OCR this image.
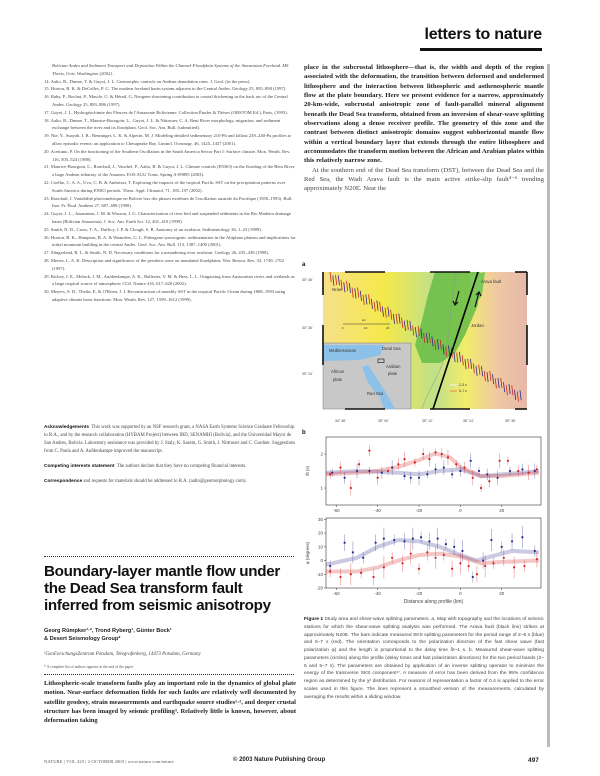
letters to nature
Bolivian Andes and Sediment Transport and Deposition Within the Channel-Floodplain Systems of the Amazonian Foreland. MS Thesis, Univ. Washington (2002).
14. Aalto, R., Dunne, T. & Guyot, J. L. Geomorphic controls on Andean denudation rates. J. Geol. (in the press).
15. Horton, B. K. & DeCelles, P. G. The modern foreland basin system adjacent to the Central Andes. Geology 25, 895–898 (1997).
16. Baby, P., Rochat, P., Mascle, G. & Hérail, G. Neogene shortening contribution to crustal thickening in the back arc of the Central Andes. Geology 25, 883–886 (1997).
17. Guyot, J. L. Hydrogéochimie des Fleuves de l'Amazonie Bolivienne. Collection Études & Thèses (ORSTOM Ed.), Paris, (1993).
18. Aalto, R., Dunne, T., Maurice-Bourgoin, L., Guyot, J. L. & Nittrouer, C. A. Beni River morphology, migration, and sediment exchange between the river and its floodplain. Geol. Soc. Am. Bull. (submitted).
19. Nie, Y., Suayah, I. B., Benninger, L. K. & Alperin, M. J. Modeling detailed sedimentary 210-Pb and fallout 239–240-Pu profiles to allow episodic events: an application to Chesapeake Bay. Limnol. Oceanogr. 46, 1425–1437 (2001).
20. Aceituno, P. On the functioning of the Southern Oscillation in the South America Sector Part I: Surface climate. Mon. Weath. Rev. 116, 505–524 (1988).
21. Maurice-Bourgoin, L., Ronchail, J., Vauchel, P., Aalto, R. & Guyot, J. L. Climate controls (ENSO) on the flooding of the Beni River, a large Andean tributary of the Amazon. EOS AGU Trans. Spring A-09895 (2003).
22. Coelho, C. A. S., Uvo, C. B. & Ambrizzi, T. Exploring the impacts of the tropical Pacific SST on the precipitation patterns over South America during ENSO periods. Theor. Appl. Climatol. 71, 185–197 (2002).
23. Ronchail, J. Variabilité pluviométrique en Bolivie lors des phases extrêmes de l'oscillation australe du Pacifique (1950–1993). Bull. Inst. Fr. Étud. Andines 27, 687–698 (1998).
24. Guyot, J. L., Jouanneau, J. M. & Wasson, J. G. Characterisation of river bed and suspended sediments in the Rio Madeira drainage basin (Bolivian Amazonia). J. Soc. Am. Earth Sci. 12, 401–410 (1999).
25. Smith, N. D., Cross, T. A., Dufficy, J. P. & Clough, S. R. Anatomy of an avulsion. Sedimentology 36, 1–23 (1989).
26. Horton, B. K., Hampton, B. A. & Waanders, G. L. Paleogene synorogenic sedimentation in the Altiplano plateau and implications for initial mountain building in the central Andes. Geol. Soc. Am. Bull. 113, 1387–1400 (2001).
27. Slingerland, R. L. & Smith, N. D. Necessary conditions for a meandering river avulsion. Geology 26, 435–438 (1998).
28. Mertes, L. A. K. Description and significance of the perirheic zone on inundated floodplains. Wat. Resour. Res. 33, 1749–1762 (1997).
29. Richey, J. E., Melack, J. M., Aufdenkampe, A. K., Ballester, V. M. & Hess, L. L. Outgassing from Amazonian rivers and wetlands as a large tropical source of atmospheric CO2. Nature 416, 617–620 (2002).
30. Meyers, S. D., Thelin, E. & O'Brien, J. J. Reconstruction of monthly SST in the tropical Pacific Ocean during 1868–1993 using adaptive climate basis functions. Mon. Weath. Rev. 127, 1599–1612 (1999).

Acknowledgements This work was supported by an NSF research grant, a NASA Earth Systems Science Graduate Fellowship to R.A., and by the research collaboration (HYBAM Project) between IRD, SENAMHI (Bolivia), and the Universidad Mayor de San Andres, Bolivia. Laboratory assistance was provided by J. Staly, K. Sasem, G. Smith, J. Nittrouer and C. Gardner. Suggestions from C. Paola and A. Aufdenkampe improved the manuscript.

Competing interests statement The authors declare that they have no competing financial interests.

Correspondence and requests for materials should be addressed to R.A. (aalto@geomorphology.com).

Boundary-layer mantle flow under the Dead Sea transform fault inferred from seismic anisotropy
Georg Rümpker¹·², Trond Ryberg¹, Günter Bock¹
& Desert Seismology Group*
¹GeoForschungsZentrum Potsdam, Telegrafenberg, 14473 Potsdam, Germany
* A complete list of authors appears at the end of the paper
Lithospheric-scale transform faults play an important role in the dynamics of global plate motion. Near-surface deformation fields for such faults are relatively well documented by satellite geodesy, strain measurements and earthquake source studies¹·², and deeper crustal structure has been imaged by seismic profiling³. Relatively little is known, however, about deformation taking
place in the subcrustal lithosphere—that is, the width and depth of the region associated with the deformation, the transition between deformed and undeformed lithosphere and the interaction between lithospheric and asthenospheric mantle flow at the plate boundary. Here we present evidence for a narrow, approximately 20-km-wide, subcrustal anisotropic zone of fault-parallel mineral alignment beneath the Dead Sea transform, obtained from an inversion of shear-wave splitting observations along a dense receiver profile. The geometry of this zone and the contrast between distinct anisotropic domains suggest subhorizontal mantle flow within a vertical boundary layer that extends through the entire lithosphere and accommodates the transform motion between the African and Arabian plates within this relatively narrow zone.
At the southern end of the Dead Sea transform (DST), between the Dead Sea and the Red Sea, the Wadi Arava fault is the main active strike-slip fault⁴⁻⁶ trending approximately N20E. Near the
a
Israel
Arava fault
Jordan
Mediterranean	Dead Sea
Arabian
plate
African
plate
Red Sea
km
0	10	20
2–5 s
5–7 s
30° 48'
30° 36'
30° 24'
34° 48'	35° 00'	35° 12'	35° 24'	35° 36'
b
-60	-40	-20	0	20
1
2
δt (s)
-60	-40	-20	0	20
-20
-10
0
10
20
30
φ (degrees)
Distance along profile (km)
Figure 1 Study area and shear-wave splitting parameters. a, Map with topography and the locations of seismic stations for which the shear-wave splitting analysis was performed. The Arava fault (black line) strikes at approximately N20E. The bars indicate measured SKS splitting parameters for the period range of 2–5 s (blue) and 5–7 s (red). The orientation corresponds to the polarization direction of the fast shear wave (fast polarization φ) and the length is proportional to the delay time δt~1 s. b, Measured shear-wave splitting parameters (circles) along the profile (delay times and fast polarization directions) for the two period bands (2–5 and 5–7 s). The parameters are obtained by application of an inverse splitting operator to minimize the energy of the transverse SKS component¹⁷. A measure of error has been derived from the 95% confidence region as determined by the χ² distribution. For reasons of representation a factor of 0.4 is applied to the error scales used in this figure. The lines represent a smoothed version of the measurements, calculated by averaging the results within a sliding window.
NATURE | VOL 425 | 2 OCTOBER 2003 | www.nature.com/nature	© 2003 Nature Publishing Group	497
